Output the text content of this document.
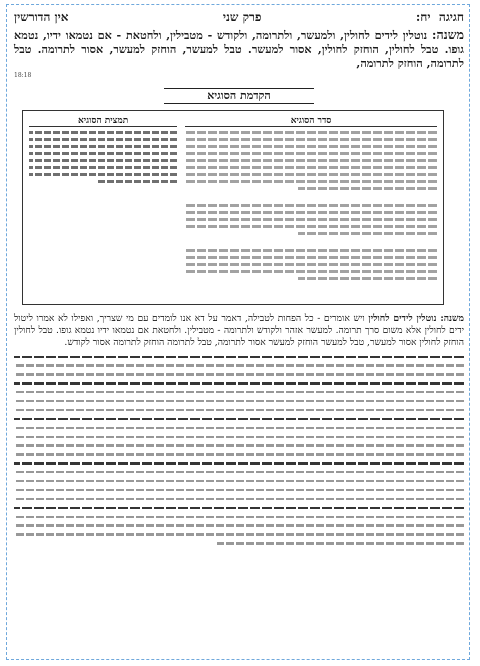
חגיגה  יח:
פרק שני
אין הדורשין
משנה: נוטלין לידים לחולין, ולמעשר, ולתרומה, ולקודש - מטבילין, ולחטאת - אם נטמאו ידיו, נטמא גופו. טבל לחולין, הוחזק לחולין, אסור למעשר. טבל למעשר, הוחזק למעשר, אסור לתרומה. טבל לתרומה, הוחזק לתרומה,
18:18
הקדמת הסוגיא
סדר הסוגיא
תמצית הסוגיא
משנה: נוטלין לידים לחולין ויש אומרים - כל הפחות לטבילה, דאמר על דא אנו לומדים עם מי שצריך, ואפילו לא אמרו ליטול ידים לחולין אלא משום סרך תרומה. למעשר אזהר ולקודש ולתרומה - מטבילין. ולחטאת אם נטמאו ידיו נטמא גופו. טבל לחולין הוחזק לחולין אסור למעשר, טבל למעשר הוחזק למעשר אסור לתרומה, טבל לתרומה הוחזק לתרומה אסור לקודש.
